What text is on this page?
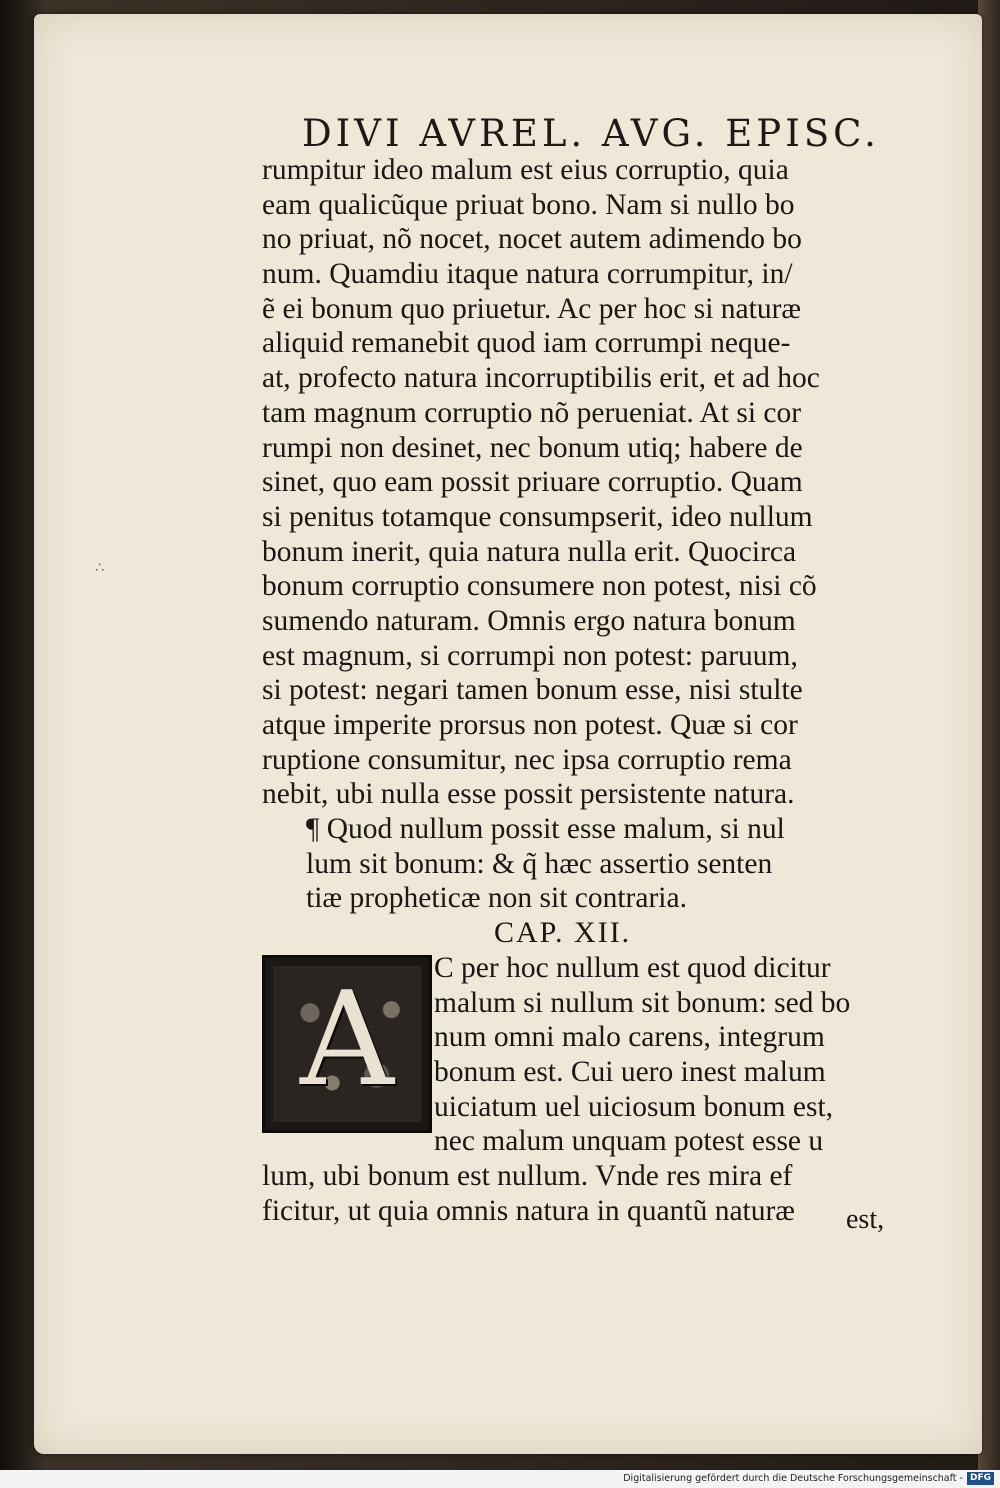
∴
DIVI AVREL. AVG. EPISC.
rumpitur ideo malum est eius corruptio, quia
eam qualicũque priuat bono. Nam si nullo bo
no priuat, nõ nocet, nocet autem adimendo bo
num. Quamdiu itaque natura corrumpitur, in/
ẽ ei bonum quo priuetur. Ac per hoc si naturæ
aliquid remanebit quod iam corrumpi neque-
at, profecto natura incorruptibilis erit, et ad hoc
tam magnum corruptio nõ perueniat. At si cor
rumpi non desinet, nec bonum utiq; habere de
sinet, quo eam possit priuare corruptio. Quam
si penitus totamque consumpserit, ideo nullum
bonum inerit, quia natura nulla erit. Quocirca
bonum corruptio consumere non potest, nisi cõ
sumendo naturam. Omnis ergo natura bonum
est magnum, si corrumpi non potest: paruum,
si potest: negari tamen bonum esse, nisi stulte
atque imperite prorsus non potest. Quæ si cor
ruptione consumitur, nec ipsa corruptio rema
nebit, ubi nulla esse possit persistente natura.
¶ Quod nullum possit esse malum, si nul
lum sit bonum: & q̃ hæc assertio senten
tiæ propheticæ non sit contraria.
CAP. XII.
A	C per hoc nullum est quod dicitur
malum si nullum sit bonum: sed bo
num omni malo carens, integrum
bonum est. Cui uero inest malum
uiciatum uel uiciosum bonum est,
nec malum unquam potest esse u
lum, ubi bonum est nullum. Vnde res mira ef
ficitur, ut quia omnis natura in quantũ naturæ	est,
Digitalisierung gefördert durch die Deutsche Forschungsgemeinschaft - DFG
